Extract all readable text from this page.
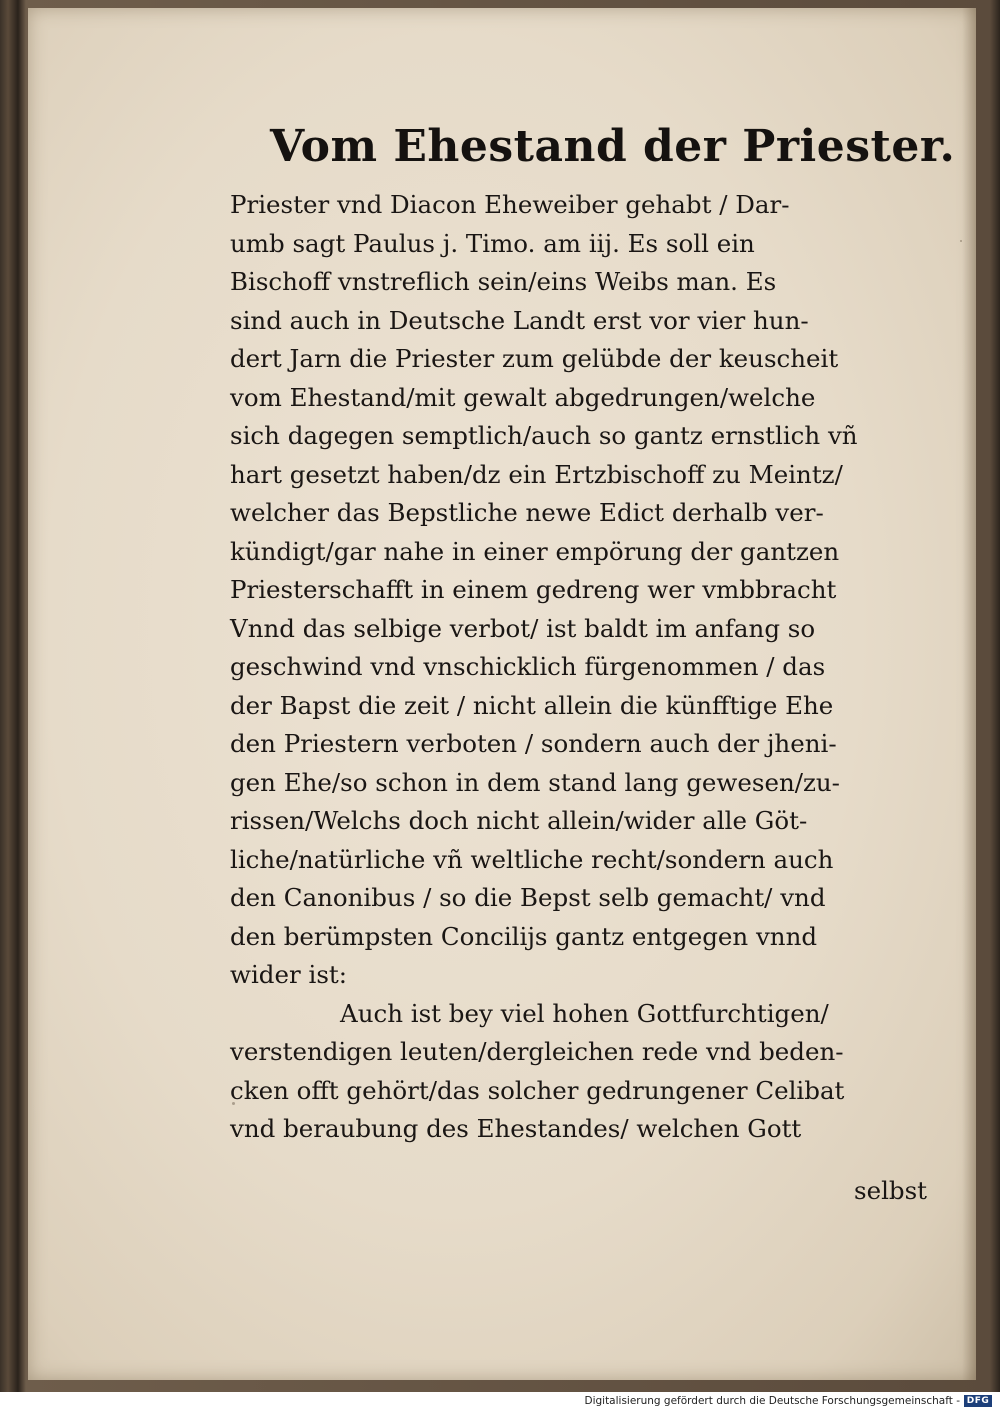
Vom Ehestand der Priester.
Priester vnd Diacon Eheweiber gehabt / Dar-
umb sagt Paulus j. Timo. am iij. Es soll ein
Bischoff vnstreflich sein/eins Weibs man. Es
sind auch in Deutsche Landt erst vor vier hun-
dert Jarn die Priester zum gelübde der keuscheit
vom Ehestand/mit gewalt abgedrungen/welche
sich dagegen semptlich/auch so gantz ernstlich vñ
hart gesetzt haben/dz ein Ertzbischoff zu Meintz/
welcher das Bepstliche newe Edict derhalb ver-
kündigt/gar nahe in einer empörung der gantzen
Priesterschafft in einem gedreng wer vmbbracht
Vnnd das selbige verbot/ ist baldt im anfang so
geschwind vnd vnschicklich fürgenommen / das
der Bapst die zeit / nicht allein die künfftige Ehe
den Priestern verboten / sondern auch der jheni-
gen Ehe/so schon in dem stand lang gewesen/zu-
rissen/Welchs doch nicht allein/wider alle Göt-
liche/natürliche vñ weltliche recht/sondern auch
den Canonibus / so die Bepst selb gemacht/ vnd
den berümpsten Concilijs gantz entgegen vnnd
wider ist:
Auch ist bey viel hohen Gottfurchtigen/
verstendigen leuten/dergleichen rede vnd beden-
cken offt gehört/das solcher gedrungener Celibat
vnd beraubung des Ehestandes/ welchen Gott
selbst
Digitalisierung gefördert durch die Deutsche Forschungsgemeinschaft - DFG
